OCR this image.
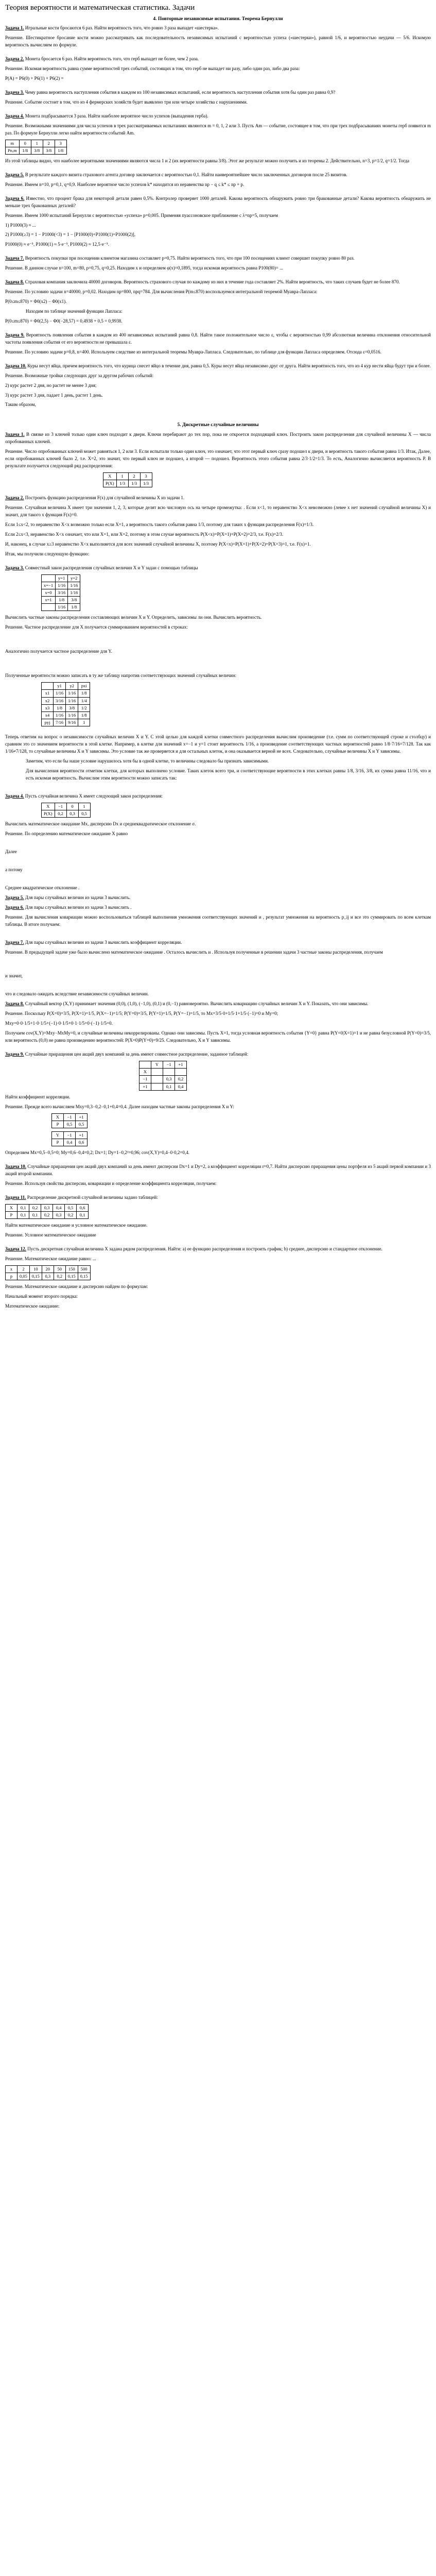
Теория вероятности и математическая статистика. Задачи
4. Повторные независимые испытания. Теорема Бернулли

Задача 1. Игральные кости бросаются 6 раз. Найти вероятность того, что ровно 3 раза выпадет «шестерка».

Решение. Шестикратное бросание кости можно рассматривать как последовательность независимых испытаний с вероятностью успеха («шестерки»), равной 1/6, и вероятностью неудачи — 5/6. Искомую вероятность вычисляем по формуле.

Задача 2. Монета бросается 6 раз. Найти вероятность того, что герб выпадет не более, чем 2 раза.

Решение. Искомая вероятность равна сумме вероятностей трех событий, состоящих в том, что герб не выпадет ни разу, либо один раз, либо два раза:

P(A) = P6(0) + P6(1) + P6(2) =

Задача 3. Чему равна вероятность наступления события в каждом из 100 независимых испытаний, если вероятность наступления события хотя бы один раз равна 0,9?

Решение. Событие состоит в том, что из 4 фермерских хозяйств будет выявлено три или четыре хозяйства с нарушениями.

Задача 4. Монета подбрасывается 3 раза. Найти наиболее вероятное число успехов (выпадения герба).

Решение. Возможными значениями для числа успехов в трех рассматриваемых испытаниях являются m = 0, 1, 2 или 3. Пусть Am — событие, состоящее в том, что при трех подбрасываниях монеты герб появится m раз. По формуле Бернулли легко найти вероятности событий Am.

m	0	1	2	3
Pn,m	1/8	3/8	3/8	1/8

Из этой таблицы видно, что наиболее вероятными значениями являются числа 1 и 2 (их вероятности равны 3/8). Этот же результат можно получить и из теоремы 2. Действительно, n=3, p=1/2, q=1/2. Тогда

Задача 5. В результате каждого визита страхового агента договор заключается с вероятностью 0,1. Найти наивероятнейшее число заключенных договоров после 25 визитов.

Решение. Имеем n=10, p=0,1, q=0,9. Наиболее вероятное число успехов k* находится из неравенства np − q ≤ k* ≤ np + p.

Задача 6. Известно, что процент брака для некоторой детали равен 0,5%. Контролер проверяет 1000 деталей. Какова вероятность обнаружить ровно три бракованные детали? Какова вероятность обнаружить не меньше трех бракованных деталей?

Решение. Имеем 1000 испытаний Бернулли с вероятностью «успеха» p=0,005. Применяя пуассоновское приближение с λ=np=5, получаем

1) P1000(3) ≈ ...

2) P1000(≥3) = 1 − P1000(<3) = 1 − [P1000(0)+P1000(1)+P1000(2)],

P1000(0) ≈ e⁻⁵, P1000(1) ≈ 5·e⁻⁵, P1000(2) ≈ 12,5·e⁻⁵.

Задача 7. Вероятность покупки при посещении клиентом магазина составляет p=0,75. Найти вероятность того, что при 100 посещениях клиент совершит покупку ровно 80 раз.

Решение. В данном случае n=100, m=80, p=0,75, q=0,25. Находим x и определяем φ(x)=0,1895, тогда искомая вероятность равна P100(80)= ...

Задача 8. Страховая компания заключила 40000 договоров. Вероятность страхового случая по каждому из них в течение года составляет 2%. Найти вероятность, что таких случаев будет не более 870.

Решение. По условию задачи n=40000, p=0,02. Находим np=800, npq=784. Для вычисления P(m≤870) воспользуемся интегральной теоремой Муавра-Лапласа:

P(0≤m≤870) = Φ0(x2) − Φ0(x1).

Находим по таблице значений функции Лапласа:

P(0≤m≤870) = Φ0(2,5) − Φ0(−28,57) = 0,4938 + 0,5 = 0,9938.

Задача 9. Вероятность появления события в каждом из 400 независимых испытаний равна 0,8. Найти такое положительное число ε, чтобы с вероятностью 0,99 абсолютная величина отклонения относительной частоты появления события от его вероятности не превышала ε.

Решение. По условию задачи p=0,8, n=400. Используем следствие из интегральной теоремы Муавра-Лапласа. Следовательно, по таблице для функции Лапласа определяем. Отсюда ε=0,0516.

Задача 10. Куры несут яйца, причем вероятность того, что курица снесет яйцо в течение дня, равна 0,5. Куры несут яйца независимо друг от друга. Найти вероятность того, что из 4 кур нести яйца будут три и более.

Решение. Возможные тройки следующих друг за другом рабочих событий:

2) курс растет 2 дня, но растет не менее 3 дня;

3) курс растет 3 дня, падает 1 день, растет 1 день.

Таким образом,

5. Дискретные случайные величины

Задача 1. В связке из 3 ключей только один ключ подходит к двери. Ключи перебирают до тех пор, пока не откроется подходящий ключ. Построить закон распределения для случайной величины X — числа опробованных ключей.

Решение. Число опробованных ключей может равняться 1, 2 или 3. Если испытали только один ключ, это означает, что этот первый ключ сразу подошел к двери, и вероятность такого события равна 1/3. Итак, Далее, если опробованных ключей было 2, т.е. X=2, это значит, что первый ключ не подошел, а второй — подошел. Вероятность этого события равна 2/3·1/2=1/3. То есть, Аналогично вычисляется вероятность Р. В результате получается следующий ряд распределения:

X	1	2	3
P(X)	1/3	1/3	1/3

Задача 2. Построить функцию распределения F(x) для случайной величины X из задачи 1.

Решение. Случайная величина X имеет три значения 1, 2, 3, которые делят всю числовую ось на четыре промежутка: . Если x<1, то неравенство X<x невозможно (левее x нет значений случайной величины X) и значит, для такого x функция F(x)=0.

Если 1≤x<2, то неравенство X<x возможно только если X=1, а вероятность такого события равна 1/3, поэтому для таких x функция распределения F(x)=1/3.

Если 2≤x<3, неравенство X<x означает, что или X=1, или X=2, поэтому в этом случае вероятность P(X<x)=P(X=1)+P(X=2)=2/3, т.е. F(x)=2/3.

И, наконец, в случае x≥3 неравенство X<x выполняется для всех значений случайной величины X, поэтому P(X<x)=P(X=1)+P(X=2)+P(X=3)=1, т.е. F(x)=1.

Итак, мы получили следующую функцию:

Задача 3. Совместный закон распределения случайных величин X и Y задан с помощью таблицы

	y=1	y=2
x=−1	1/16	1/16
x=0	3/16	1/16
x=1	1/8	3/8
	1/16	1/8

Вычислить частные законы распределения составляющих величин X и Y. Определить, зависимы ли они. Вычислить вероятность.

Решение. Частное распределение для X получается суммированием вероятностей в строках:

Аналогично получается частное распределение для Y.

Полученные вероятности можно записать в ту же таблицу напротив соответствующих значений случайных величин:

	y1	y2	pxi
x1	1/16	1/16	1/8
x2	3/16	1/16	1/4
x3	1/8	3/8	1/2
x4	1/16	1/16	1/8
pyj	7/16	9/16	1

Теперь ответим на вопрос о независимости случайных величин X и Y. С этой целью для каждой клетки совместного распределения вычислим произведение (т.е. сумм по соответствующей строке и столбцу) и сравним это со значением вероятности в этой клетке. Например, в клетке для значений x=−1 и y=1 стоит вероятность 1/16, а произведение соответствующих частных вероятностей равно 1/8·7/16=7/128. Так как 1/16≠7/128, то случайные величины X и Y зависимы. Это условие так же проверяется и для остальных клеток, и она оказывается верной не всех. Следовательно, случайные величины X и Y зависимы.

Заметим, что если бы наше условие нарушилось хотя бы в одной клетке, то величины следовало бы признать зависимыми.

Для вычисления вероятности отметим клетки, для которых выполнено условие. Таких клеток всего три, и соответствующие вероятности в этих клетках равны 1/8, 3/16, 3/8, их сумма равна 11/16, что и есть искомая вероятность. Вычислим этим вероятности можно записать так:

Задача 4. Пусть случайная величина X имеет следующий закон распределения:

X	−1	0	1
P(X)	0,2	0,3	0,5

Вычислить математическое ожидание Мx, дисперсию Dx и среднеквадратическое отклонение σ.

Решение. По определению математическое ожидание X равно

Далее

а потому

Среднее квадратическое отклонение .

Задача 5. Для пары случайных величин из задачи 3 вычислить.

Задача 6. Для пары случайных величин из задачи 3 вычислить .

Решение. Для вычисления ковариации можно воспользоваться таблицей выполнения умножения соответствующих значений и , результат умножения на вероятность p_ij и все это суммировать по всем клеткам таблицы. В итоге получаем:

Задача 7. Для пары случайных величин из задачи 3 вычислить коэффициент корреляции.

Решение. В предыдущей задаче уже было вычислено математическое ожидание . Осталось вычислить и . Используя полученные в решении задачи 3 частные законы распределения, получаем

и значит,

что и следовало ожидать вследствие независимости случайных величин.

Задача 8. Случайный вектор (X,Y) принимает значения (0,0), (1,0), (−1,0), (0,1) и (0,−1) равновероятно. Вычислить ковариацию случайных величин X и Y. Показать, что они зависимы.

Решение. Поскольку P(X=0)=3/5, P(X=1)=1/5, P(X=−1)=1/5; P(Y=0)=3/5, P(Y=1)=1/5, P(Y=−1)=1/5, то Мx=3/5·0+1/5·1+1/5·(−1)=0 и Мy=0;

Мxy=0·0·1/5+1·0·1/5+(−1)·0·1/5+0·1·1/5+0·(−1)·1/5=0.

Получаем cov(X,Y)=Мxy−МxМy=0, и случайные величины некоррелированы. Однако они зависимы. Пусть X=1, тогда условная вероятность события {Y=0} равна P(Y=0|X=1)=1 и не равна безусловной P(Y=0)=3/5, или вероятность (0,0) не равна произведению вероятностей: P(X=0)P(Y=0)=9/25. Следовательно, X и Y зависимы.

Задача 9. Случайные приращения цен акций двух компаний за день имеют совместное распределение, заданное таблицей:

	Y	−1	+1
X			
−1		0,3	0,2
+1		0,1	0,4

Найти коэффициент корреляции.

Решение. Прежде всего вычисляем Мxy=0,3−0,2−0,1+0,4=0,4. Далее находим частные законы распределения X и Y:

X	−1	+1
P	0,5	0,5
Y	−1	+1
P	0,4	0,6

Определяем Мx=0,5−0,5=0; Мy=0,6−0,4=0,2; Dx=1; Dy=1−0,2²=0,96; cov(X,Y)=0,4−0·0,2=0,4.

Задача 10. Случайные приращения цен акций двух компаний за день имеют дисперсии Dx=1 и Dy=2, а коэффициент корреляции r=0,7. Найти дисперсию приращения цены портфеля из 5 акций первой компании и 3 акций второй компании.

Решение. Используя свойства дисперсии, ковариации и определение коэффициента корреляции, получаем:

Задача 11. Распределение дискретной случайной величины задано таблицей:

X	0,1	0,2	0,3	0,4	0,5	0,6
P	0,1	0,1	0,2	0,3	0,2	0,1

Найти математическое ожидание и условное математическое ожидание.

Решение. Условное математическое ожидание

Задача 12. Пусть дискретная случайная величина X задана рядом распределения. Найти: a) ее функцию распределения и построить график; b) среднее, дисперсию и стандартное отклонение.

Решение. Математическое ожидание равно: ...

x	2	10	20	50	150	500
p	0,05	0,15	0,3	0,2	0,15	0,15

Решение. Математическое ожидание и дисперсию найдем по формулам:

Начальный момент второго порядка:

Математическое ожидание:
